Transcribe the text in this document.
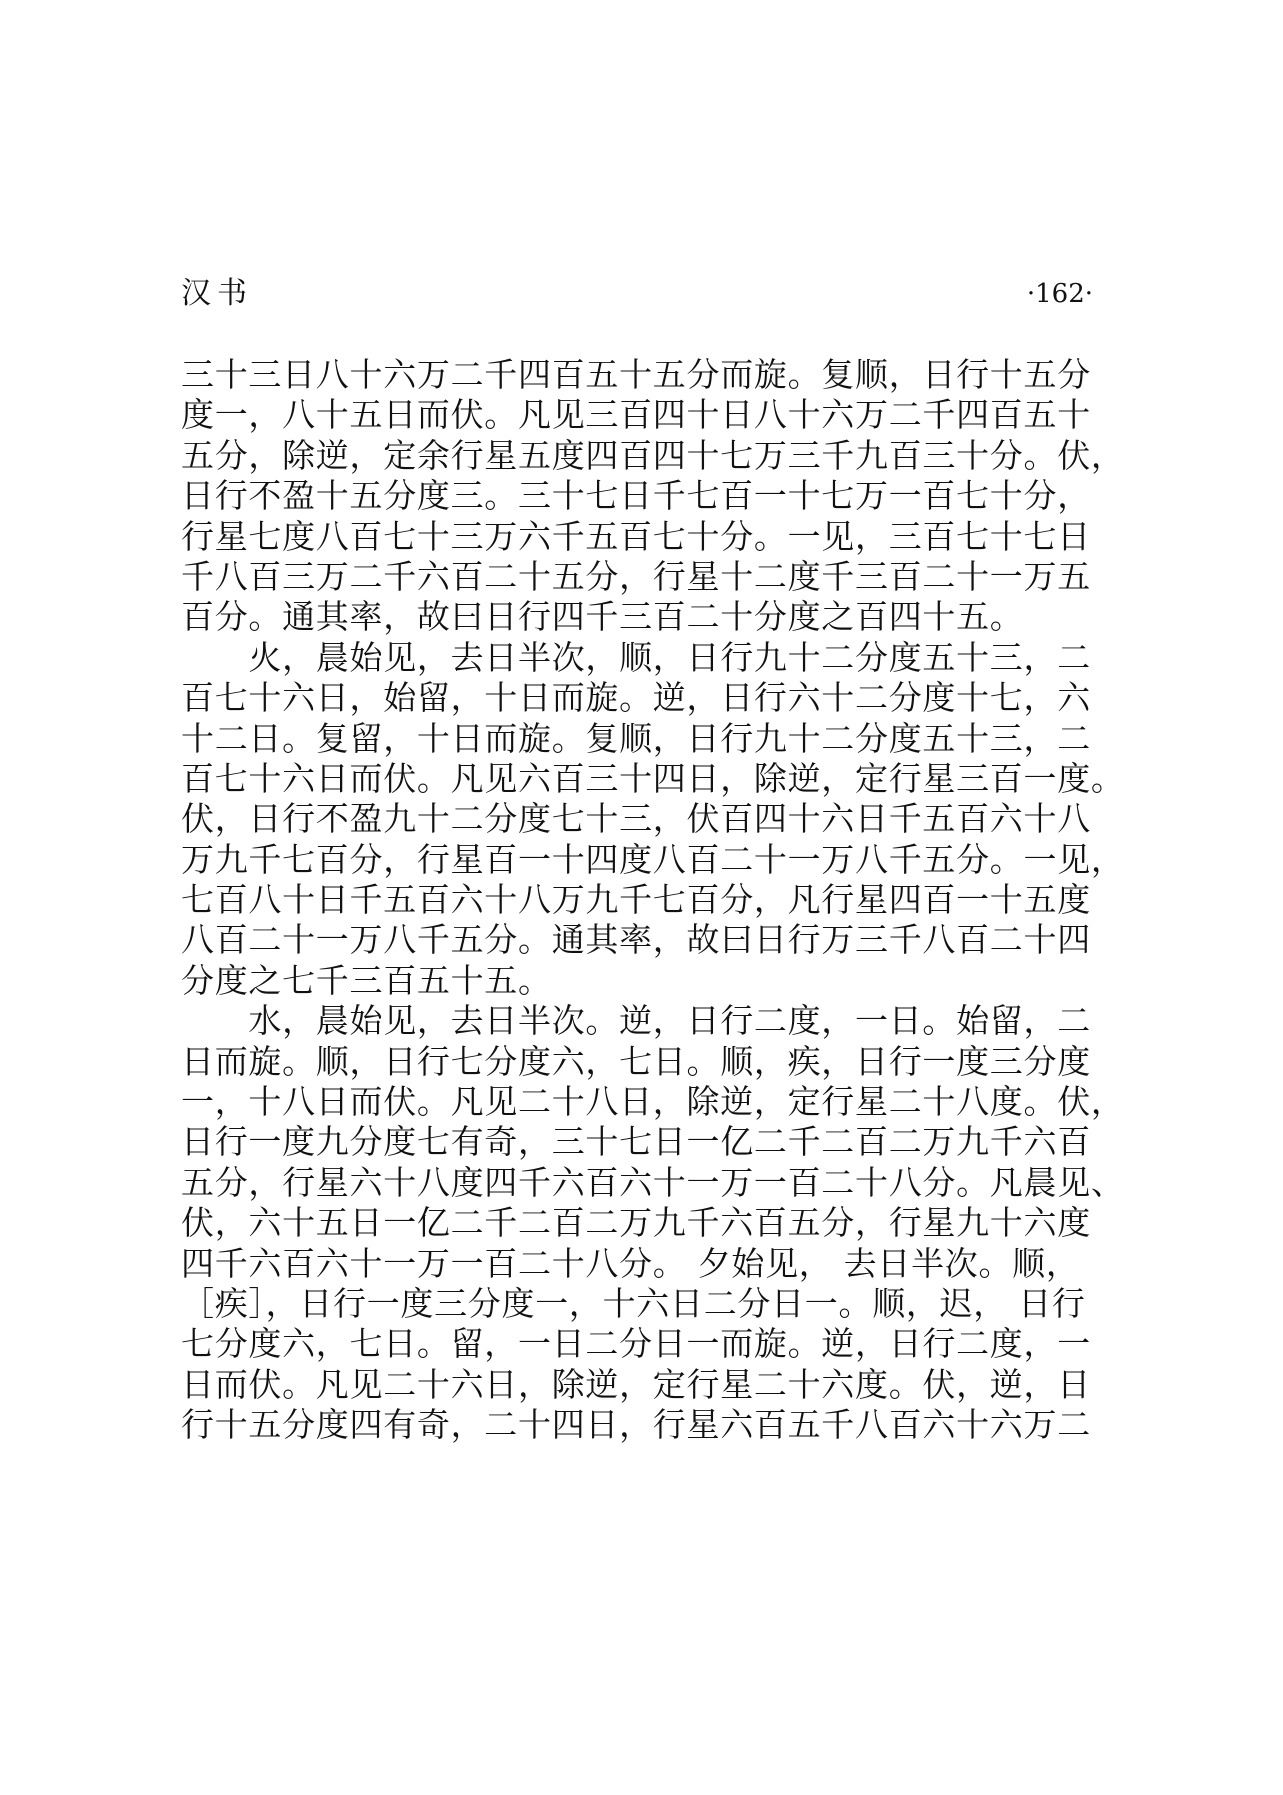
汉书	·162·
三十三日八十六万二千四百五十五分而旋。复顺，日行十五分
度一，八十五日而伏。凡见三百四十日八十六万二千四百五十
五分，除逆，定余行星五度四百四十七万三千九百三十分。伏，
日行不盈十五分度三。三十七日千七百一十七万一百七十分，
行星七度八百七十三万六千五百七十分。一见，三百七十七日
千八百三万二千六百二十五分，行星十二度千三百二十一万五
百分。通其率，故曰日行四千三百二十分度之百四十五。
　　火，晨始见，去日半次，顺，日行九十二分度五十三，二
百七十六日，始留，十日而旋。逆，日行六十二分度十七，六
十二日。复留，十日而旋。复顺，日行九十二分度五十三，二
百七十六日而伏。凡见六百三十四日，除逆，定行星三百一度。
伏，日行不盈九十二分度七十三，伏百四十六日千五百六十八
万九千七百分，行星百一十四度八百二十一万八千五分。一见，
七百八十日千五百六十八万九千七百分，凡行星四百一十五度
八百二十一万八千五分。通其率，故曰日行万三千八百二十四
分度之七千三百五十五。
　　水，晨始见，去日半次。逆，日行二度，一日。始留，二
日而旋。顺，日行七分度六，七日。顺，疾，日行一度三分度
一，十八日而伏。凡见二十八日，除逆，定行星二十八度。伏，
日行一度九分度七有奇，三十七日一亿二千二百二万九千六百
五分，行星六十八度四千六百六十一万一百二十八分。凡晨见、
伏，六十五日一亿二千二百二万九千六百五分，行星九十六度
四千六百六十一万一百二十八分。 夕始见， 去日半次。顺，
［疾］，日行一度三分度一，十六日二分日一。顺，迟， 日行
七分度六，七日。留，一日二分日一而旋。逆，日行二度，一
日而伏。凡见二十六日，除逆，定行星二十六度。伏，逆，日
行十五分度四有奇，二十四日，行星六百五千八百六十六万二
